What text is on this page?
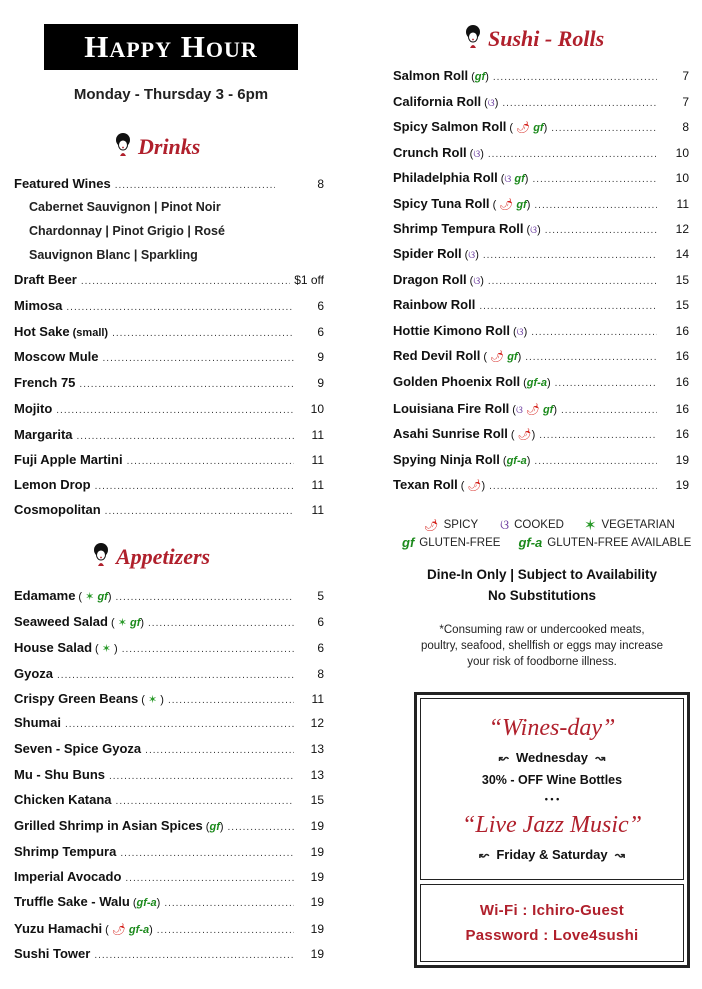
Happy Hour
Monday - Thursday 3 - 6pm
Drinks
Featured Wines .....	8
Cabernet Sauvignon | Pinot Noir
Chardonnay | Pinot Grigio | Rosé
Sauvignon Blanc | Sparkling
Draft Beer .....	$1 off
Mimosa .....	6
Hot Sake (small) .....	6
Moscow Mule .....	9
French 75 .....	9
Mojito .....	10
Margarita .....	11
Fuji Apple Martini .....	11
Lemon Drop .....	11
Cosmopolitan .....	11
Appetizers
Edamame ( ✶ gf) .....	5
Seaweed Salad ( ✶ gf) .....	6
House Salad ( ✶ ) .....	6
Gyoza .....	8
Crispy Green Beans ( ✶ ) .....	11
Shumai .....	12
Seven - Spice Gyoza .....	13
Mu - Shu Buns .....	13
Chicken Katana .....	15
Grilled Shrimp in Asian Spices (gf) .....	19
Shrimp Tempura .....	19
Imperial Avocado .....	19
Truffle Sake - Walu (gf-a) .....	19
Yuzu Hamachi ( 🌶 gf-a) .....	19
Sushi Tower .....	19
Sushi - Rolls
Salmon Roll (gf) .....	7
California Roll (ଓ) .....	7
Spicy Salmon Roll ( 🌶 gf) .....	8
Crunch Roll (ଓ) .....	10
Philadelphia Roll (ଓ gf) .....	10
Spicy Tuna Roll ( 🌶 gf) .....	11
Shrimp Tempura Roll (ଓ) .....	12
Spider Roll (ଓ) .....	14
Dragon Roll (ଓ) .....	15
Rainbow Roll .....	15
Hottie Kimono Roll (ଓ) .....	16
Red Devil Roll ( 🌶 gf) .....	16
Golden Phoenix Roll (gf-a) .....	16
Louisiana Fire Roll (ଓ 🌶 gf) .....	16
Asahi Sunrise Roll ( 🌶) .....	16
Spying Ninja Roll (gf-a) .....	19
Texan Roll ( 🌶) .....	19
🌶 SPICY ଓ COOKED ✶ VEGETARIAN
gf GLUTEN-FREE gf-a GLUTEN-FREE AVAILABLE
Dine-In Only | Subject to Availability
No Substitutions
*Consuming raw or undercooked meats,
poultry, seafood, shellfish or eggs may increase
your risk of foodborne illness.
“Wines-day”
↜ Wednesday ↝
30% - OFF Wine Bottles
• • •
“Live Jazz Music”
↜ Friday & Saturday ↝
Wi-Fi : Ichiro-Guest
Password : Love4sushi
